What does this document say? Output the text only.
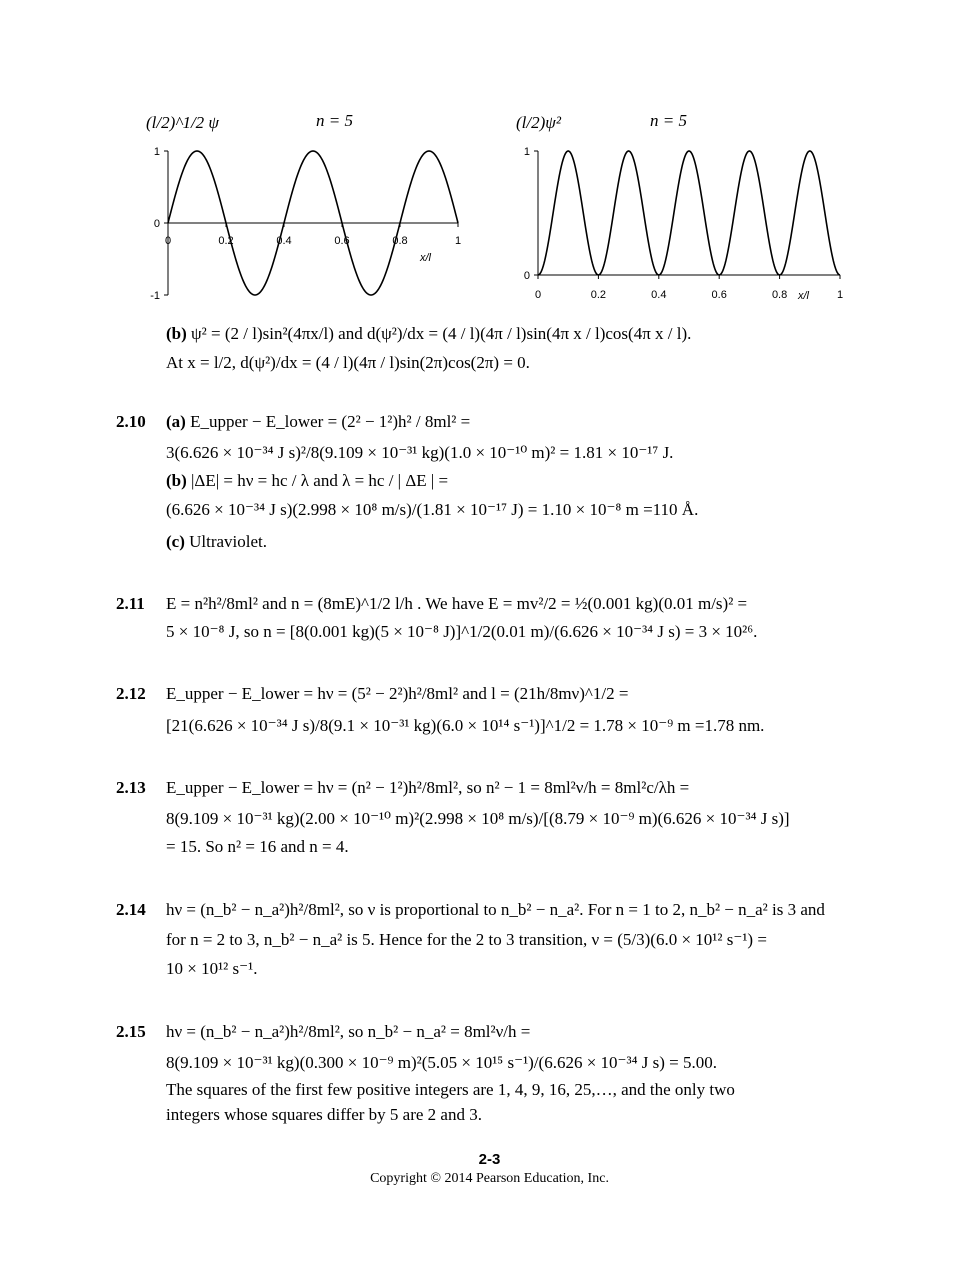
(l/2)^1/2 ψ	n = 5
1
0
-1
0	0.2	0.4	0.6	0.8	1
x/l
(l/2)ψ²	n = 5
1
0
0	0.2	0.4	0.6	0.8	1
x/l
(b) ψ² = (2 / l)sin²(4πx/l) and d(ψ²)/dx = (4 / l)(4π / l)sin(4π x / l)cos(4π x / l).
At x = l/2, d(ψ²)/dx = (4 / l)(4π / l)sin(2π)cos(2π) = 0.
2.10 (a) E_upper − E_lower = (2² − 1²)h² / 8ml² =
3(6.626 × 10⁻³⁴ J s)²/8(9.109 × 10⁻³¹ kg)(1.0 × 10⁻¹⁰ m)² = 1.81 × 10⁻¹⁷ J.
(b) |ΔE| = hν = hc / λ and λ = hc / | ΔE | =
(6.626 × 10⁻³⁴ J s)(2.998 × 10⁸ m/s)/(1.81 × 10⁻¹⁷ J) = 1.10 × 10⁻⁸ m =110 Å.
(c) Ultraviolet.
2.11 E = n²h²/8ml² and n = (8mE)^1/2 l/h . We have E = mv²/2 = ½(0.001 kg)(0.01 m/s)² =
5 × 10⁻⁸ J, so n = [8(0.001 kg)(5 × 10⁻⁸ J)]^1/2(0.01 m)/(6.626 × 10⁻³⁴ J s) = 3 × 10²⁶.
2.12 E_upper − E_lower = hν = (5² − 2²)h²/8ml² and l = (21h/8mν)^1/2 =
[21(6.626 × 10⁻³⁴ J s)/8(9.1 × 10⁻³¹ kg)(6.0 × 10¹⁴ s⁻¹)]^1/2 = 1.78 × 10⁻⁹ m =1.78 nm.
2.13 E_upper − E_lower = hν = (n² − 1²)h²/8ml², so n² − 1 = 8ml²ν/h = 8ml²c/λh =
8(9.109 × 10⁻³¹ kg)(2.00 × 10⁻¹⁰ m)²(2.998 × 10⁸ m/s)/[(8.79 × 10⁻⁹ m)(6.626 × 10⁻³⁴ J s)]
= 15. So n² = 16 and n = 4.
2.14 hν = (n_b² − n_a²)h²/8ml², so ν is proportional to n_b² − n_a². For n = 1 to 2, n_b² − n_a² is 3 and
for n = 2 to 3, n_b² − n_a² is 5. Hence for the 2 to 3 transition, ν = (5/3)(6.0 × 10¹² s⁻¹) =
10 × 10¹² s⁻¹.
2.15 hν = (n_b² − n_a²)h²/8ml², so n_b² − n_a² = 8ml²ν/h =
8(9.109 × 10⁻³¹ kg)(0.300 × 10⁻⁹ m)²(5.05 × 10¹⁵ s⁻¹)/(6.626 × 10⁻³⁴ J s) = 5.00.
The squares of the first few positive integers are 1, 4, 9, 16, 25,…, and the only two
integers whose squares differ by 5 are 2 and 3.
2-3
Copyright © 2014 Pearson Education, Inc.
